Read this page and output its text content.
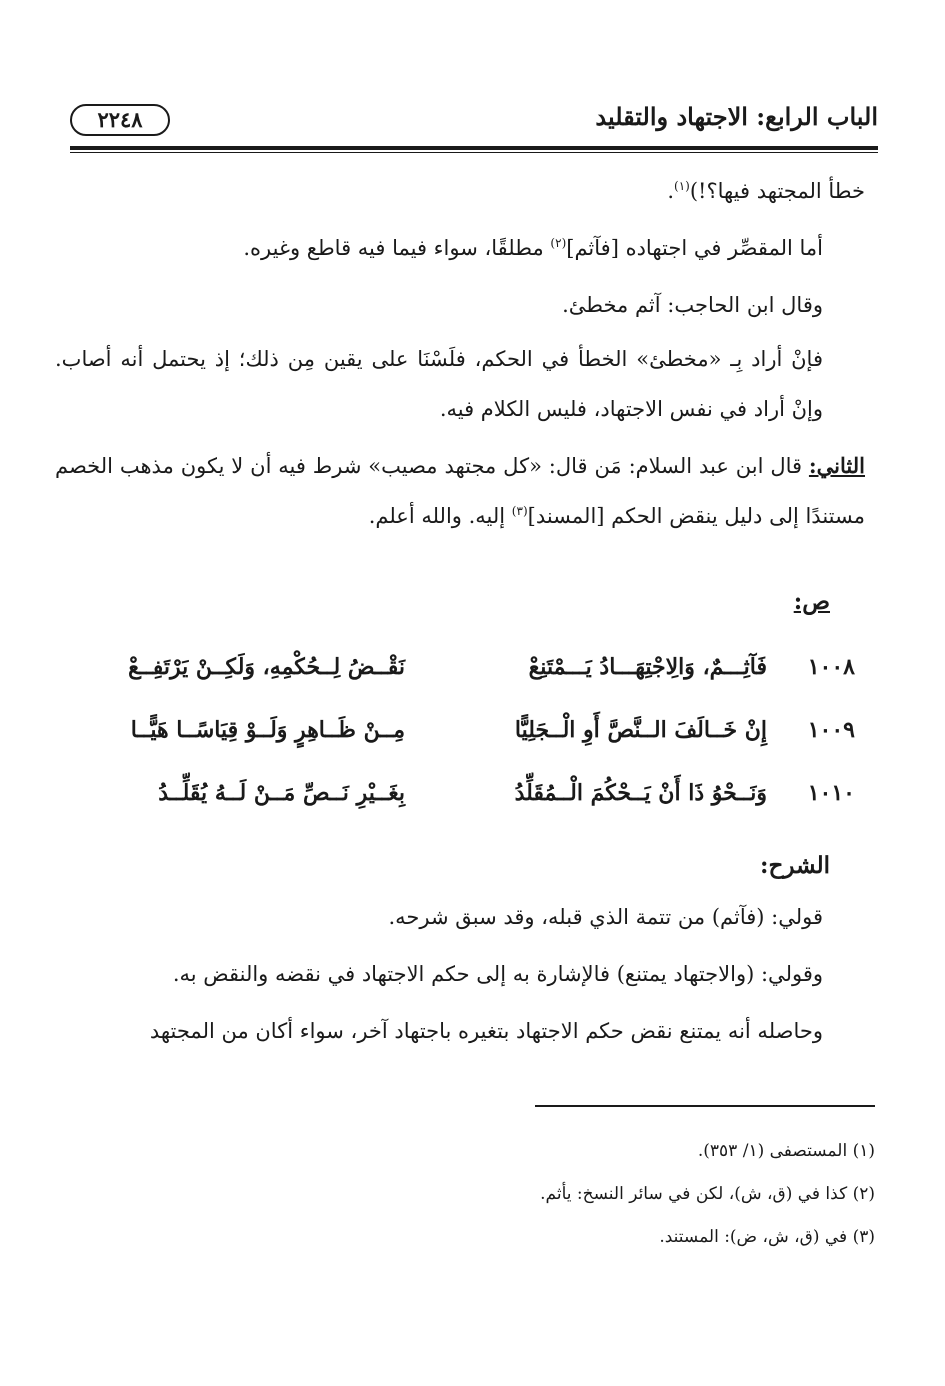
الباب الرابع: الاجتهاد والتقليد
٢٢٤٨

خطأ المجتهد فيها؟!)$^{(١)}$.

أما المقصِّر في اجتهاده [فآثم]$^{(٢)}$ مطلقًا، سواء فيما فيه قاطع وغيره.

وقال ابن الحاجب: آثم مخطئ.

فإنْ أراد بِـ «مخطئ» الخطأ في الحكم، فلَسْنَا على يقين مِن ذلك؛ إذ يحتمل أنه أصاب. وإنْ أراد في نفس الاجتهاد، فليس الكلام فيه.

الثاني: قال ابن عبد السلام: مَن قال: «كل مجتهد مصيب» شرط فيه أن لا يكون مذهب الخصم مستندًا إلى دليل ينقض الحكم [المسند]$^{(٣)}$ إليه. والله أعلم.

ص:
١٠٠٨
فَآثِـــمٌ، وَالِاجْتِهَـــادُ يَـــمْتَنِعْ
نَقْــضُ لِــحُكْمِهِ، وَلَكِــنْ يَرْتَفِــعْ
١٠٠٩
إِنْ خَــالَفَ الــنَّصَّ أَوِ الْــجَلِيًّا
مِــنْ ظَــاهِرٍ وَلَــوْ قِيَاسًــا هَيًّــا
١٠١٠
وَنَــحْوُ ذَا أَنْ يَــحْكُمَ الْــمُقَلِّدُ
بِغَــيْرِ نَــصِّ مَــنْ لَــهُ يُقَلِّــدُ
الشرح:

قولي: (فآثم) من تتمة الذي قبله، وقد سبق شرحه.

وقولي: (والاجتهاد يمتنع) فالإشارة به إلى حكم الاجتهاد في نقضه والنقض به.

وحاصله أنه يمتنع نقض حكم الاجتهاد بتغيره باجتهاد آخر، سواء أكان من المجتهد

(١) المستصفى (١/ ٣٥٣).

(٢) كذا في (ق، ش)، لكن في سائر النسخ: يأثم.

(٣) في (ق، ش، ض): المستند.
